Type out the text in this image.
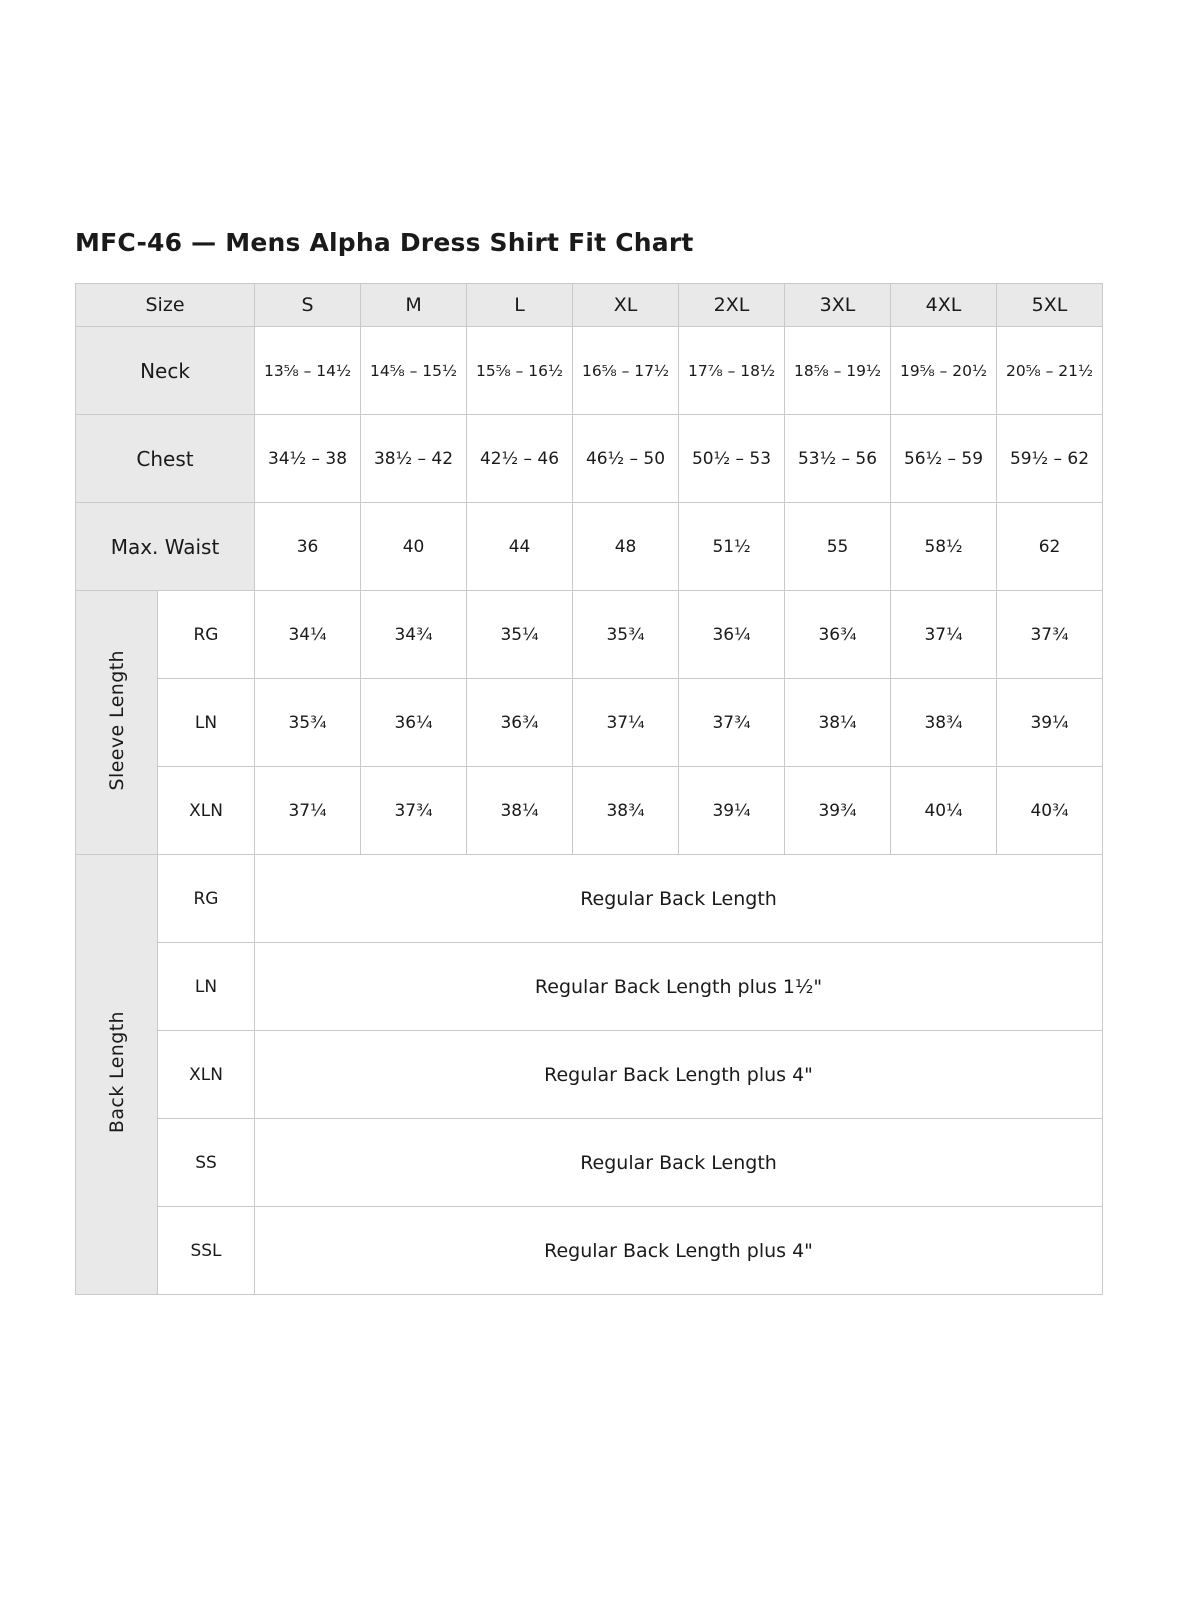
MFC-46 — Mens Alpha Dress Shirt Fit Chart
Size		S	M	L	XL	2XL	3XL	4XL	5XL
Neck		13⅝ – 14½	14⅝ – 15½	15⅝ – 16½	16⅝ – 17½	17⅞ – 18½	18⅝ – 19½	19⅝ – 20½	20⅝ – 21½
Chest		34½ – 38	38½ – 42	42½ – 46	46½ – 50	50½ – 53	53½ – 56	56½ – 59	59½ – 62
Max. Waist		36	40	44	48	51½	55	58½	62
Sleeve Length	RG	34¼	34¾	35¼	35¾	36¼	36¾	37¼	37¾
	LN	35¾	36¼	36¾	37¼	37¾	38¼	38¾	39¼
	XLN	37¼	37¾	38¼	38¾	39¼	39¾	40¼	40¾
Back Length	RG	Regular Back Length							
	LN	Regular Back Length plus 1½"							
	XLN	Regular Back Length plus 4"							
	SS	Regular Back Length							
	SSL	Regular Back Length plus 4"							
